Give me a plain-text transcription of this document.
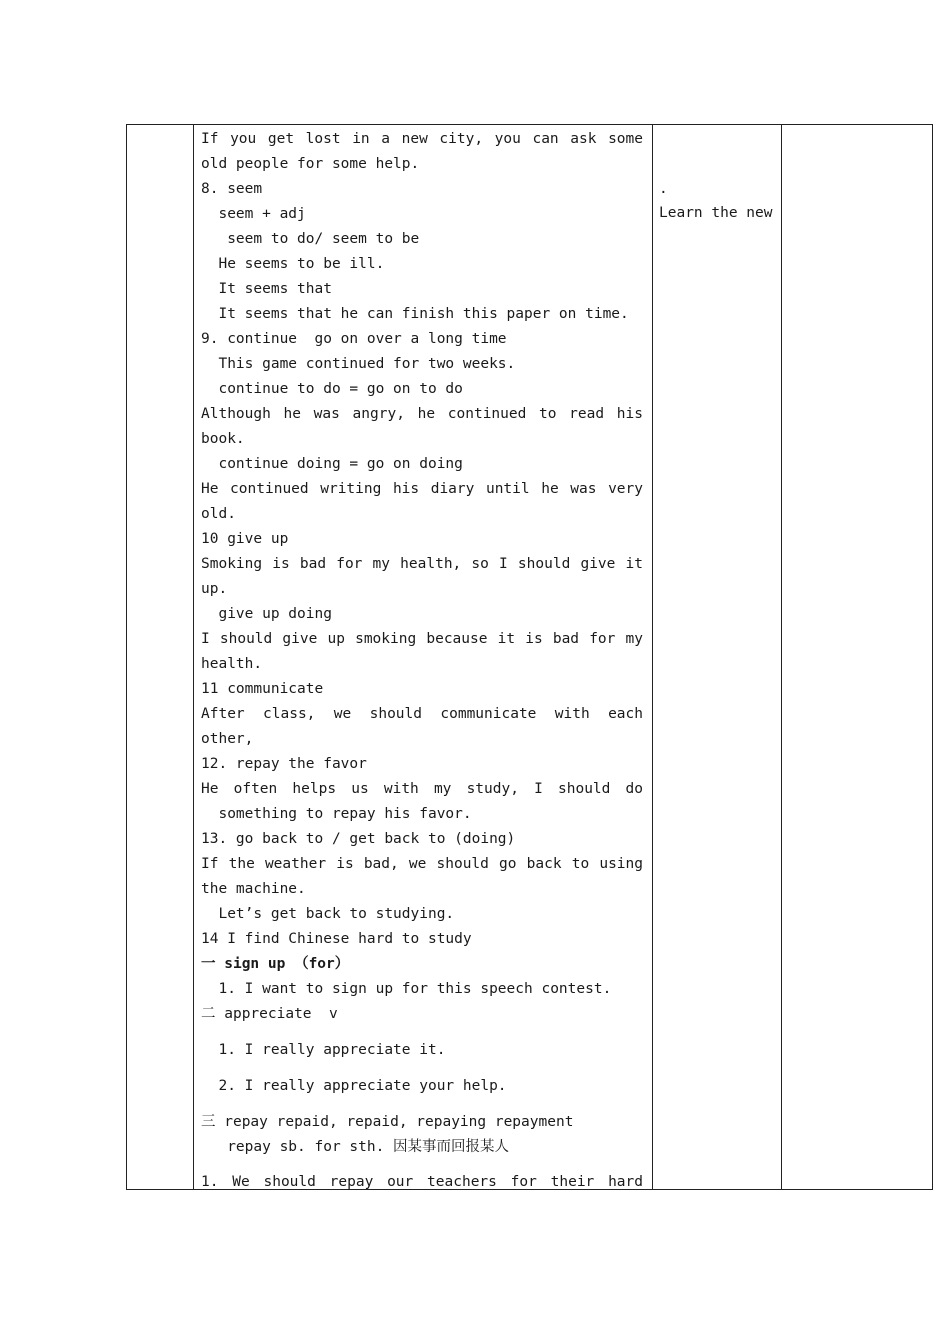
If you get lost in a new city, you can ask some
old people for some help.
8. seem
seem + adj
seem to do/ seem to be
He seems to be ill.
It seems that
It seems that he can finish this paper on time.
9. continue  go on over a long time
This game continued for two weeks.
continue to do = go on to do
Although he was angry, he continued to read his
book.
continue doing = go on doing
He continued writing his diary until he was very
old.
10 give up
Smoking is bad for my health, so I should give it
up.
give up doing
I should give up smoking because it is bad for my
health.
11 communicate
After class, we should communicate with each
other,
12. repay the favor
He often helps us with my study, I should do
something to repay his favor.
13. go back to / get back to (doing)
If the weather is bad, we should go back to using
the machine.
Let’s get back to studying.
14 I find Chinese hard to study
一 sign up （for）
1. I want to sign up for this speech contest.
二 appreciate  v
1. I really appreciate it.
2. I really appreciate your help.
三 repay repaid, repaid, repaying repayment
repay sb. for sth. 因某事而回报某人
1. We should repay our teachers for their hard
.
Learn the new
